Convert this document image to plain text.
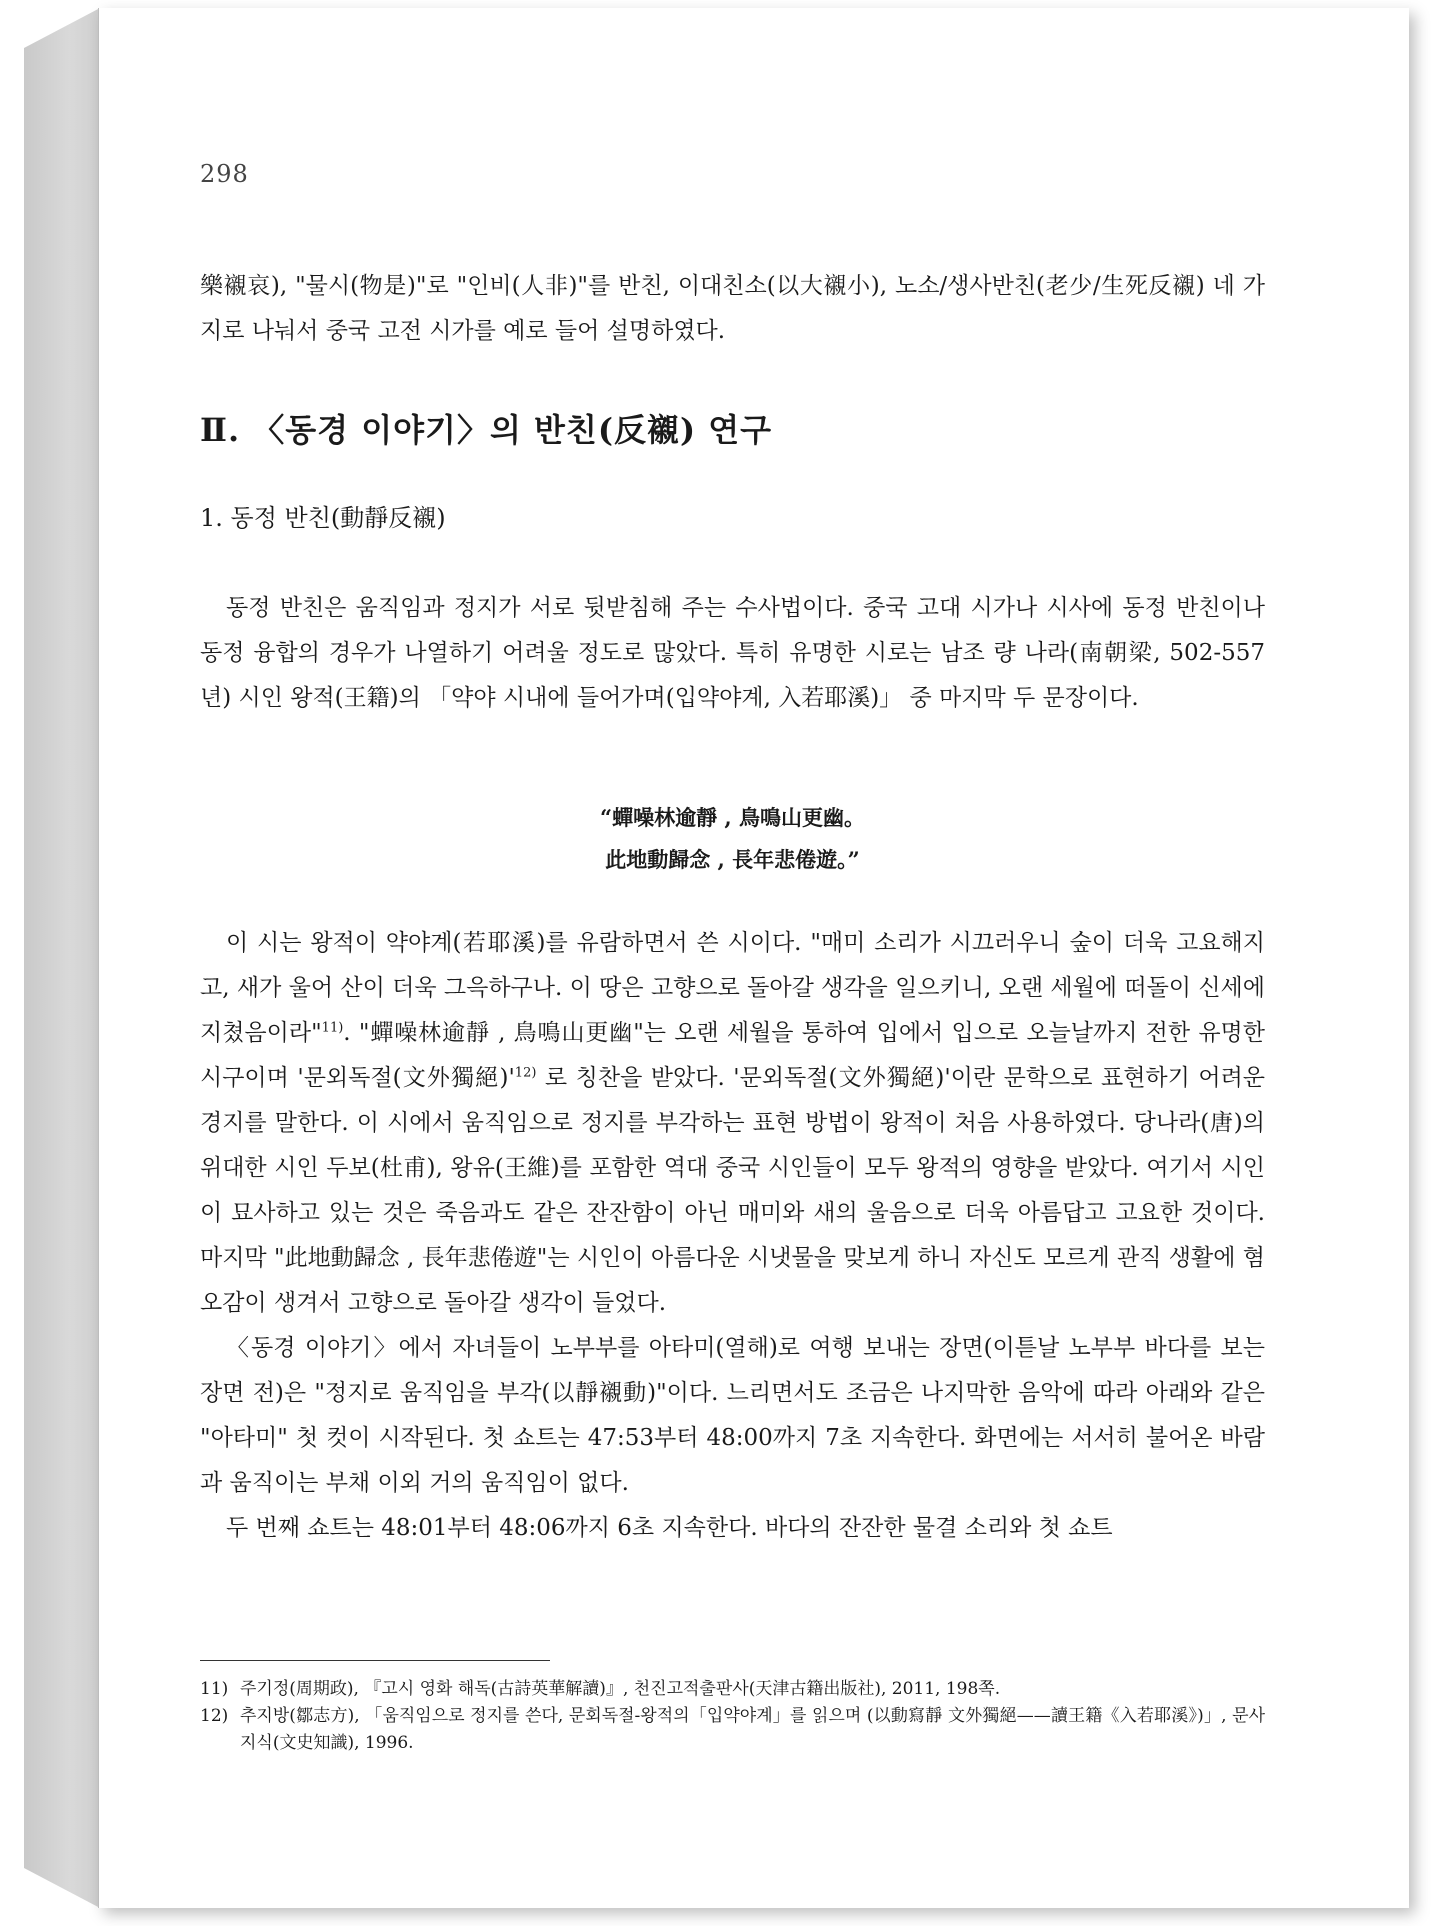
298

樂襯哀), "물시(物是)"로 "인비(人非)"를 반친, 이대친소(以大襯小), 노소/생사반친(老少/生死反襯) 네 가지로 나눠서 중국 고전 시가를 예로 들어 설명하였다.

Ⅱ. 〈동경 이야기〉의 반친(反襯) 연구
1. 동정 반친(動靜反襯)

동정 반친은 움직임과 정지가 서로 뒷받침해 주는 수사법이다. 중국 고대 시가나 시사에 동정 반친이나 동정 융합의 경우가 나열하기 어려울 정도로 많았다. 특히 유명한 시로는 남조 량 나라(南朝梁, 502-557년) 시인 왕적(王籍)의 「약야 시내에 들어가며(입약야계, 入若耶溪)」 중 마지막 두 문장이다.

“蟬噪林逾靜 , 鳥鳴山更幽。
此地動歸念 , 長年悲倦遊。”

이 시는 왕적이 약야계(若耶溪)를 유람하면서 쓴 시이다. "매미 소리가 시끄러우니 숲이 더욱 고요해지고, 새가 울어 산이 더욱 그윽하구나. 이 땅은 고향으로 돌아갈 생각을 일으키니, 오랜 세월에 떠돌이 신세에 지쳤음이라"$^{11)}$. "蟬噪林逾靜 , 鳥鳴山更幽"는 오랜 세월을 통하여 입에서 입으로 오늘날까지 전한 유명한 시구이며 '문외독절(文外獨絕)'$^{12)}$ 로 칭찬을 받았다. '문외독절(文外獨絕)'이란 문학으로 표현하기 어려운 경지를 말한다. 이 시에서 움직임으로 정지를 부각하는 표현 방법이 왕적이 처음 사용하였다. 당나라(唐)의 위대한 시인 두보(杜甫), 왕유(王維)를 포함한 역대 중국 시인들이 모두 왕적의 영향을 받았다. 여기서 시인이 묘사하고 있는 것은 죽음과도 같은 잔잔함이 아닌 매미와 새의 울음으로 더욱 아름답고 고요한 것이다. 마지막 "此地動歸念 , 長年悲倦遊"는 시인이 아름다운 시냇물을 맞보게 하니 자신도 모르게 관직 생활에 혐오감이 생겨서 고향으로 돌아갈 생각이 들었다.

〈동경 이야기〉에서 자녀들이 노부부를 아타미(열해)로 여행 보내는 장면(이튿날 노부부 바다를 보는 장면 전)은 "정지로 움직임을 부각(以靜襯動)"이다. 느리면서도 조금은 나지막한 음악에 따라 아래와 같은 "아타미" 첫 컷이 시작된다. 첫 쇼트는 47:53부터 48:00까지 7초 지속한다. 화면에는 서서히 불어온 바람과 움직이는 부채 이외 거의 움직임이 없다.

두 번째 쇼트는 48:01부터 48:06까지 6초 지속한다. 바다의 잔잔한 물결 소리와 첫 쇼트

11) 주기정(周期政), 『고시 영화 해독(古詩英華解讀)』, 천진고적출판사(天津古籍出版社), 2011, 198쪽.
12) 추지방(鄒志方), 「움직임으로 정지를 쓴다, 문회독절-왕적의「입약야계」를 읽으며 (以動寫靜 文外獨絕——讀王籍《入若耶溪》)」, 문사지식(文史知識), 1996.
